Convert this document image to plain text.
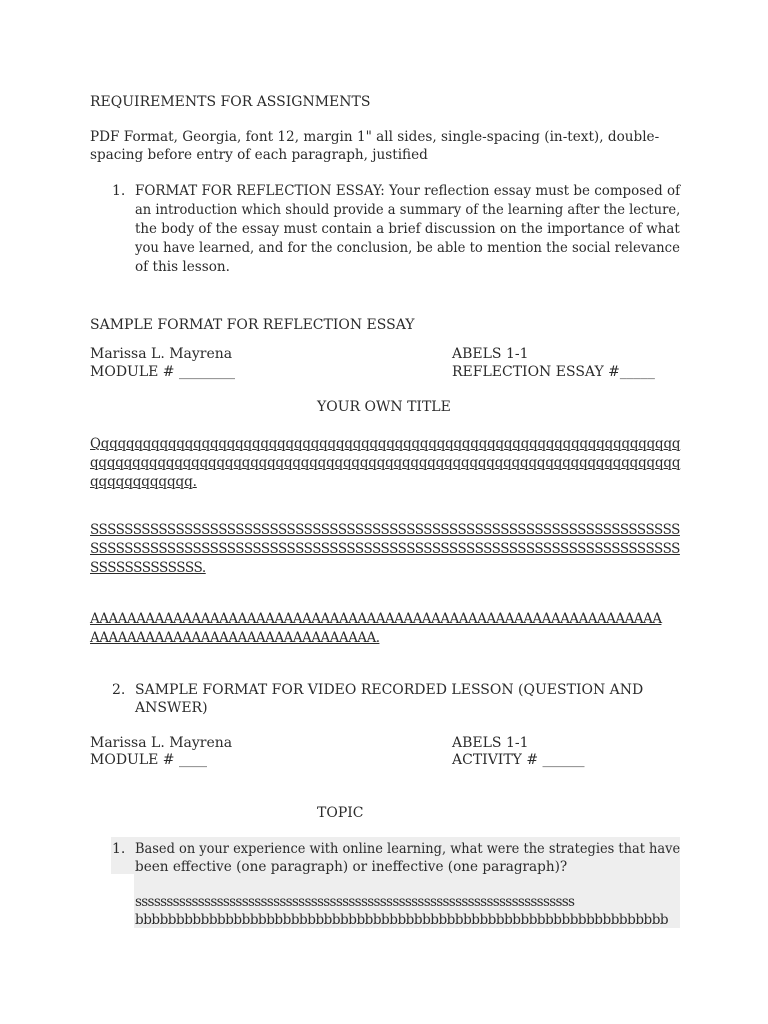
REQUIREMENTS FOR ASSIGNMENTS
PDF Format, Georgia, font 12, margin 1" all sides, single-spacing (in-text), double-
spacing before entry of each paragraph, justified
1. FORMAT FOR REFLECTION ESSAY: Your reflection essay must be composed of
an introduction which should provide a summary of the learning after the lecture,
the body of the essay must contain a brief discussion on the importance of what
you have learned, and for the conclusion, be able to mention the social relevance
of this lesson.
SAMPLE FORMAT FOR REFLECTION ESSAY
Marissa L. Mayrena
MODULE # ________
ABELS 1-1
REFLECTION ESSAY #_____
YOUR OWN TITLE
Qqqqqqqqqqqqqqqqqqqqqqqqqqqqqqqqqqqqqqqqqqqqqqqqqqqqqqqqqqqqqqqqqqqqqq
qqqqqqqqqqqqqqqqqqqqqqqqqqqqqqqqqqqqqqqqqqqqqqqqqqqqqqqqqqqqqqqqqqqqqq
qqqqqqqqqqqq.
SSSSSSSSSSSSSSSSSSSSSSSSSSSSSSSSSSSSSSSSSSSSSSSSSSSSSSSSSSSSSSSSSSSSS
SSSSSSSSSSSSSSSSSSSSSSSSSSSSSSSSSSSSSSSSSSSSSSSSSSSSSSSSSSSSSSSSSSSSS
SSSSSSSSSSSSS.
AAAAAAAAAAAAAAAAAAAAAAAAAAAAAAAAAAAAAAAAAAAAAAAAAAAAAAAAAAAAAA
AAAAAAAAAAAAAAAAAAAAAAAAAAAAAAA.
2. SAMPLE FORMAT FOR VIDEO RECORDED LESSON (QUESTION AND
ANSWER)
Marissa L. Mayrena
MODULE # ____
ABELS 1-1
ACTIVITY # ______
TOPIC
1. Based on your experience with online learning, what were the strategies that have
been effective (one paragraph) or ineffective (one paragraph)?
ssssssssssssssssssssssssssssssssssssssssssssssssssssssssssssssssssssss
bbbbbbbbbbbbbbbbbbbbbbbbbbbbbbbbbbbbbbbbbbbbbbbbbbbbbbbbbbbbbbbbb
